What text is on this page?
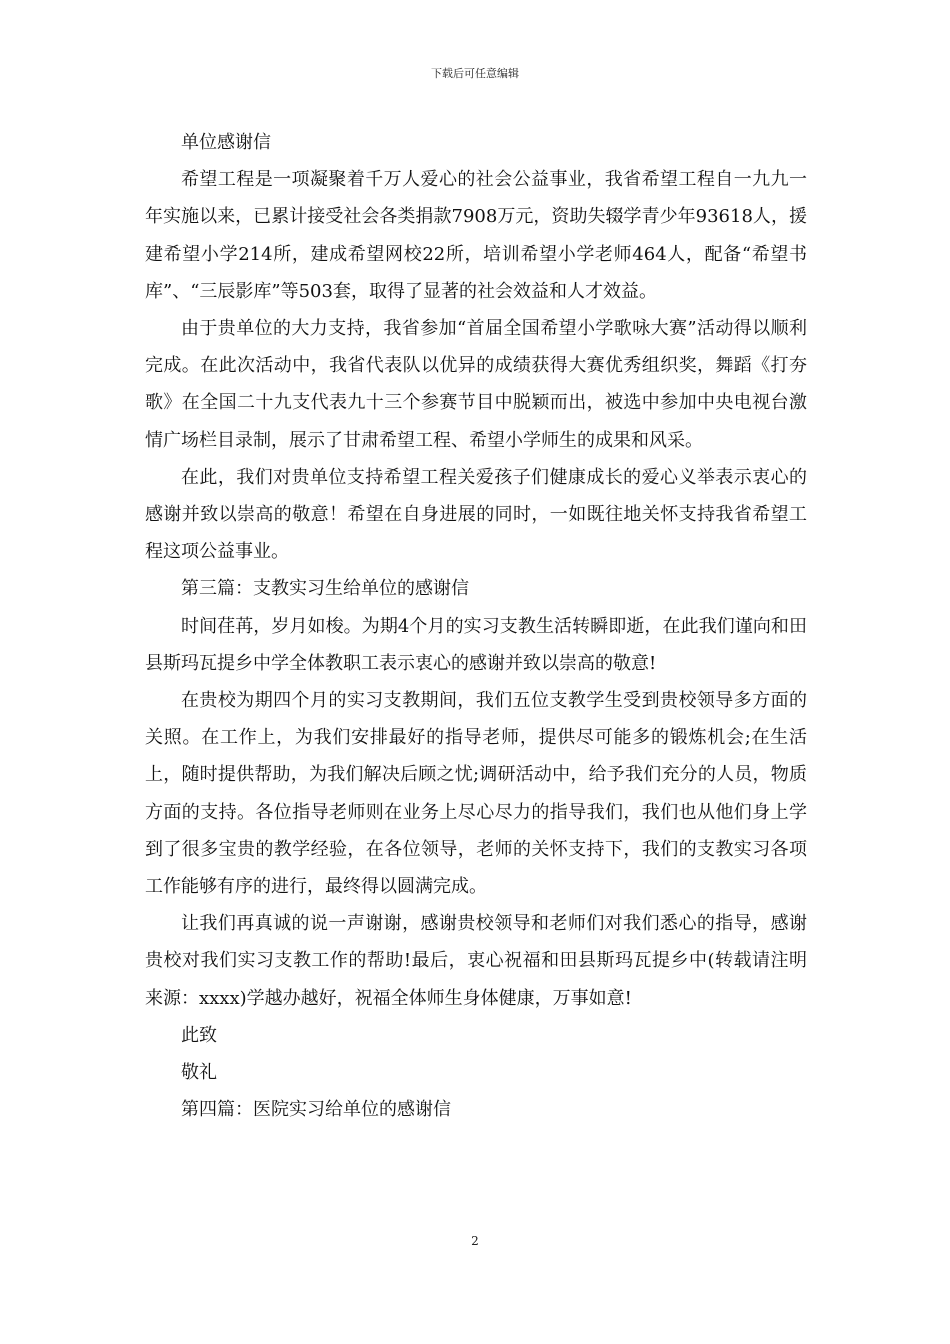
下载后可任意编辑

单位感谢信

希望工程是一项凝聚着千万人爱心的社会公益事业，我省希望工程自一九九一年实施以来，已累计接受社会各类捐款7908万元，资助失辍学青少年93618人，援建希望小学214所，建成希望网校22所，培训希望小学老师464人，配备“希望书库”、“三辰影库”等503套，取得了显著的社会效益和人才效益。

由于贵单位的大力支持，我省参加“首届全国希望小学歌咏大赛”活动得以顺利完成。在此次活动中，我省代表队以优异的成绩获得大赛优秀组织奖，舞蹈《打夯歌》在全国二十九支代表九十三个参赛节目中脱颖而出，被选中参加中央电视台激情广场栏目录制，展示了甘肃希望工程、希望小学师生的成果和风采。

在此，我们对贵单位支持希望工程关爱孩子们健康成长的爱心义举表示衷心的感谢并致以崇高的敬意！希望在自身进展的同时，一如既往地关怀支持我省希望工程这项公益事业。

第三篇：支教实习生给单位的感谢信

时间荏苒，岁月如梭。为期4个月的实习支教生活转瞬即逝，在此我们谨向和田县斯玛瓦提乡中学全体教职工表示衷心的感谢并致以崇高的敬意!

在贵校为期四个月的实习支教期间，我们五位支教学生受到贵校领导多方面的关照。在工作上，为我们安排最好的指导老师，提供尽可能多的锻炼机会;在生活上，随时提供帮助，为我们解决后顾之忧;调研活动中，给予我们充分的人员，物质方面的支持。各位指导老师则在业务上尽心尽力的指导我们，我们也从他们身上学到了很多宝贵的教学经验，在各位领导，老师的关怀支持下，我们的支教实习各项工作能够有序的进行，最终得以圆满完成。

让我们再真诚的说一声谢谢，感谢贵校领导和老师们对我们悉心的指导，感谢贵校对我们实习支教工作的帮助!最后，衷心祝福和田县斯玛瓦提乡中(转载请注明来源：xxxx)学越办越好，祝福全体师生身体健康，万事如意!

此致

敬礼

第四篇：医院实习给单位的感谢信

2
